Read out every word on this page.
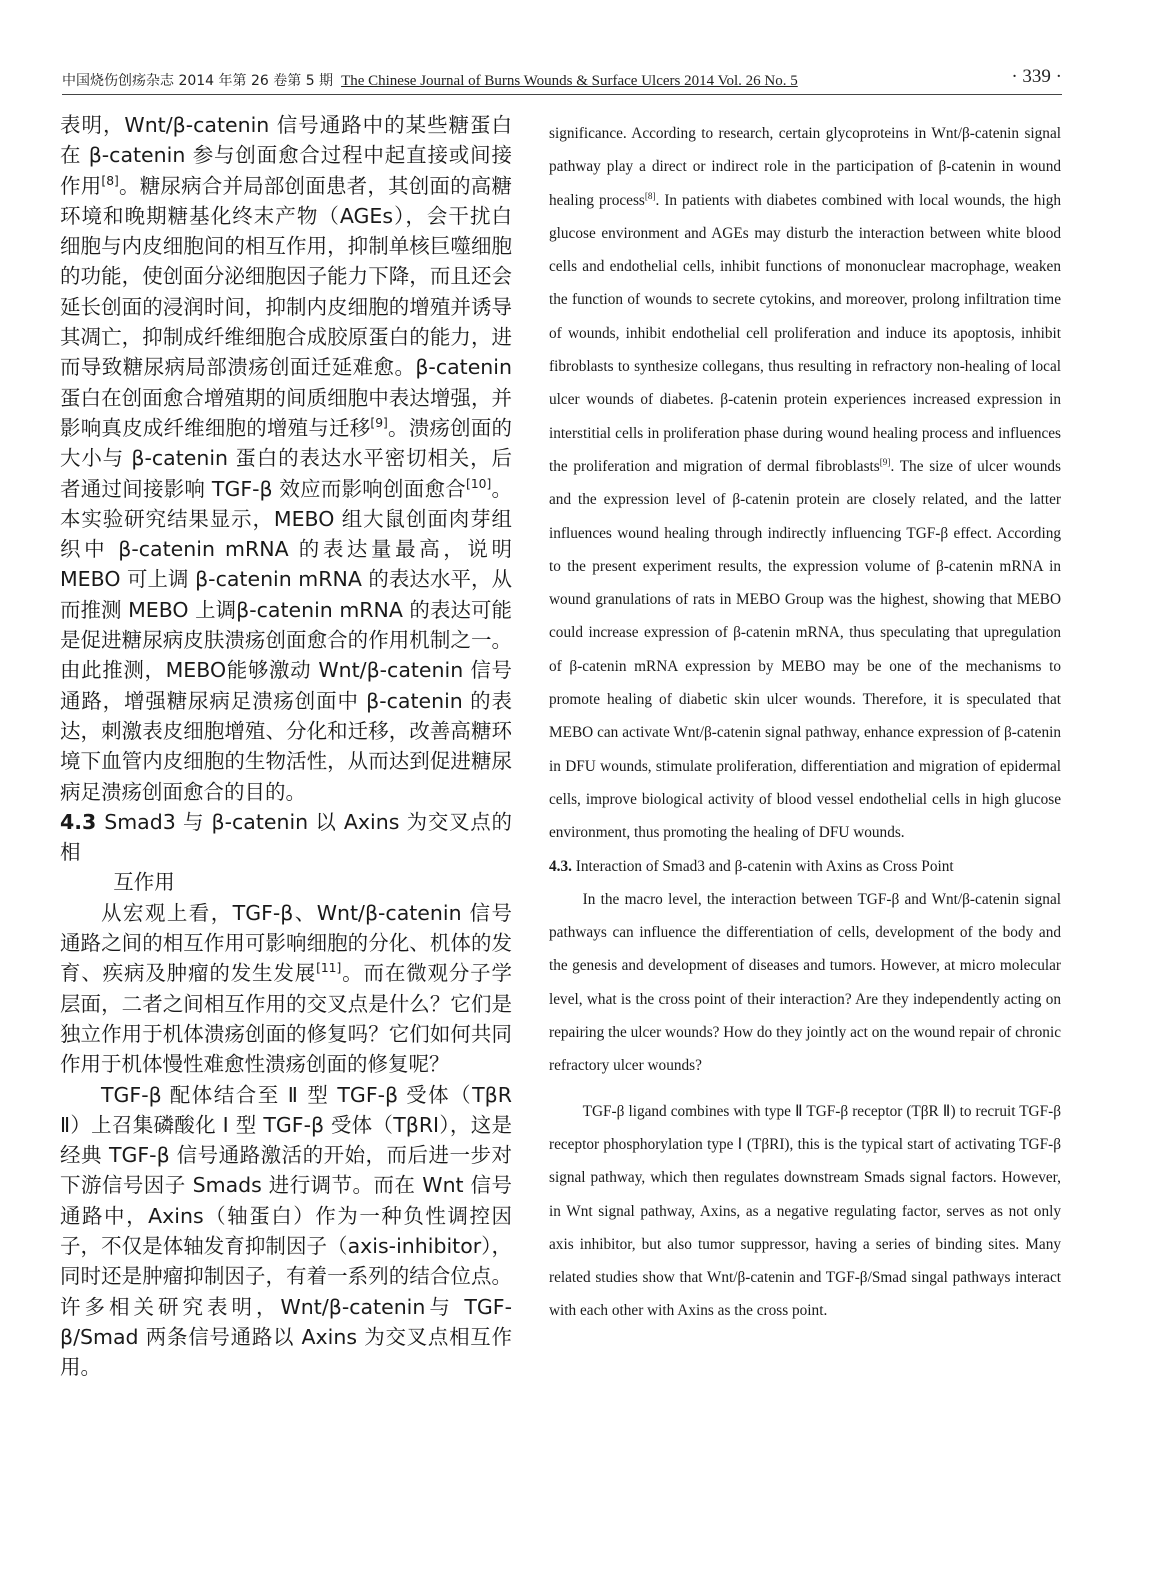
中国烧伤创疡杂志 2014 年第 26 卷第 5 期 The Chinese Journal of Burns Wounds & Surface Ulcers 2014 Vol. 26 No. 5	· 339 ·

表明，Wnt/β-catenin 信号通路中的某些糖蛋白在 β-catenin 参与创面愈合过程中起直接或间接作用[8]。糖尿病合并局部创面患者，其创面的高糖环境和晚期糖基化终末产物（AGEs），会干扰白细胞与内皮细胞间的相互作用，抑制单核巨噬细胞的功能，使创面分泌细胞因子能力下降，而且还会延长创面的浸润时间，抑制内皮细胞的增殖并诱导其凋亡，抑制成纤维细胞合成胶原蛋白的能力，进而导致糖尿病局部溃疡创面迁延难愈。β-catenin蛋白在创面愈合增殖期的间质细胞中表达增强，并影响真皮成纤维细胞的增殖与迁移[9]。溃疡创面的大小与 β-catenin 蛋白的表达水平密切相关，后者通过间接影响 TGF-β 效应而影响创面愈合[10]。本实验研究结果显示，MEBO 组大鼠创面肉芽组织中 β-catenin mRNA 的表达量最高，说明 MEBO 可上调 β-catenin mRNA 的表达水平，从而推测 MEBO 上调β-catenin mRNA 的表达可能是促进糖尿病皮肤溃疡创面愈合的作用机制之一。由此推测，MEBO能够激动 Wnt/β-catenin 信号通路，增强糖尿病足溃疡创面中 β-catenin 的表达，刺激表皮细胞增殖、分化和迁移，改善高糖环境下血管内皮细胞的生物活性，从而达到促进糖尿病足溃疡创面愈合的目的。

4.3 Smad3 与 β-catenin 以 Axins 为交叉点的相
互作用

从宏观上看，TGF-β、Wnt/β-catenin 信号通路之间的相互作用可影响细胞的分化、机体的发育、疾病及肿瘤的发生发展[11]。而在微观分子学层面，二者之间相互作用的交叉点是什么？它们是独立作用于机体溃疡创面的修复吗？它们如何共同作用于机体慢性难愈性溃疡创面的修复呢？

TGF-β 配体结合至 Ⅱ 型 TGF-β 受体（TβR Ⅱ）上召集磷酸化 Ⅰ 型 TGF-β 受体（TβRI），这是经典 TGF-β 信号通路激活的开始，而后进一步对下游信号因子 Smads 进行调节。而在 Wnt 信号通路中，Axins（轴蛋白）作为一种负性调控因子，不仅是体轴发育抑制因子（axis-inhibitor），同时还是肿瘤抑制因子，有着一系列的结合位点。许多相关研究表明，Wnt/β-catenin与 TGF-β/Smad 两条信号通路以 Axins 为交叉点相互作用。

significance. According to research, certain glycoproteins in Wnt/β-catenin signal pathway play a direct or indirect role in the participation of β-catenin in wound healing process[8]. In patients with diabetes combined with local wounds, the high glucose environment and AGEs may disturb the interaction between white blood cells and endothelial cells, inhibit functions of mononuclear macrophage, weaken the function of wounds to secrete cytokins, and moreover, prolong infiltration time of wounds, inhibit endothelial cell proliferation and induce its apoptosis, inhibit fibroblasts to synthesize collegans, thus resulting in refractory non-healing of local ulcer wounds of diabetes. β-catenin protein experiences increased expression in interstitial cells in proliferation phase during wound healing process and influences the proliferation and migration of dermal fibroblasts[9]. The size of ulcer wounds and the expression level of β-catenin protein are closely related, and the latter influences wound healing through indirectly influencing TGF-β effect. According to the present experiment results, the expression volume of β-catenin mRNA in wound granulations of rats in MEBO Group was the highest, showing that MEBO could increase expression of β-catenin mRNA, thus speculating that upregulation of β-catenin mRNA expression by MEBO may be one of the mechanisms to promote healing of diabetic skin ulcer wounds. Therefore, it is speculated that MEBO can activate Wnt/β-catenin signal pathway, enhance expression of β-catenin in DFU wounds, stimulate proliferation, differentiation and migration of epidermal cells, improve biological activity of blood vessel endothelial cells in high glucose environment, thus promoting the healing of DFU wounds.

4.3. Interaction of Smad3 and β-catenin with Axins as Cross Point

In the macro level, the interaction between TGF-β and Wnt/β-catenin signal pathways can influence the differentiation of cells, development of the body and the genesis and development of diseases and tumors. However, at micro molecular level, what is the cross point of their interaction? Are they independently acting on repairing the ulcer wounds? How do they jointly act on the wound repair of chronic refractory ulcer wounds?

TGF-β ligand combines with type Ⅱ TGF-β receptor (TβR Ⅱ) to recruit TGF-β receptor phosphorylation type Ⅰ (TβRI), this is the typical start of activating TGF-β signal pathway, which then regulates downstream Smads signal factors. However, in Wnt signal pathway, Axins, as a negative regulating factor, serves as not only axis inhibitor, but also tumor suppressor, having a series of binding sites. Many related studies show that Wnt/β-catenin and TGF-β/Smad singal pathways interact with each other with Axins as the cross point.
